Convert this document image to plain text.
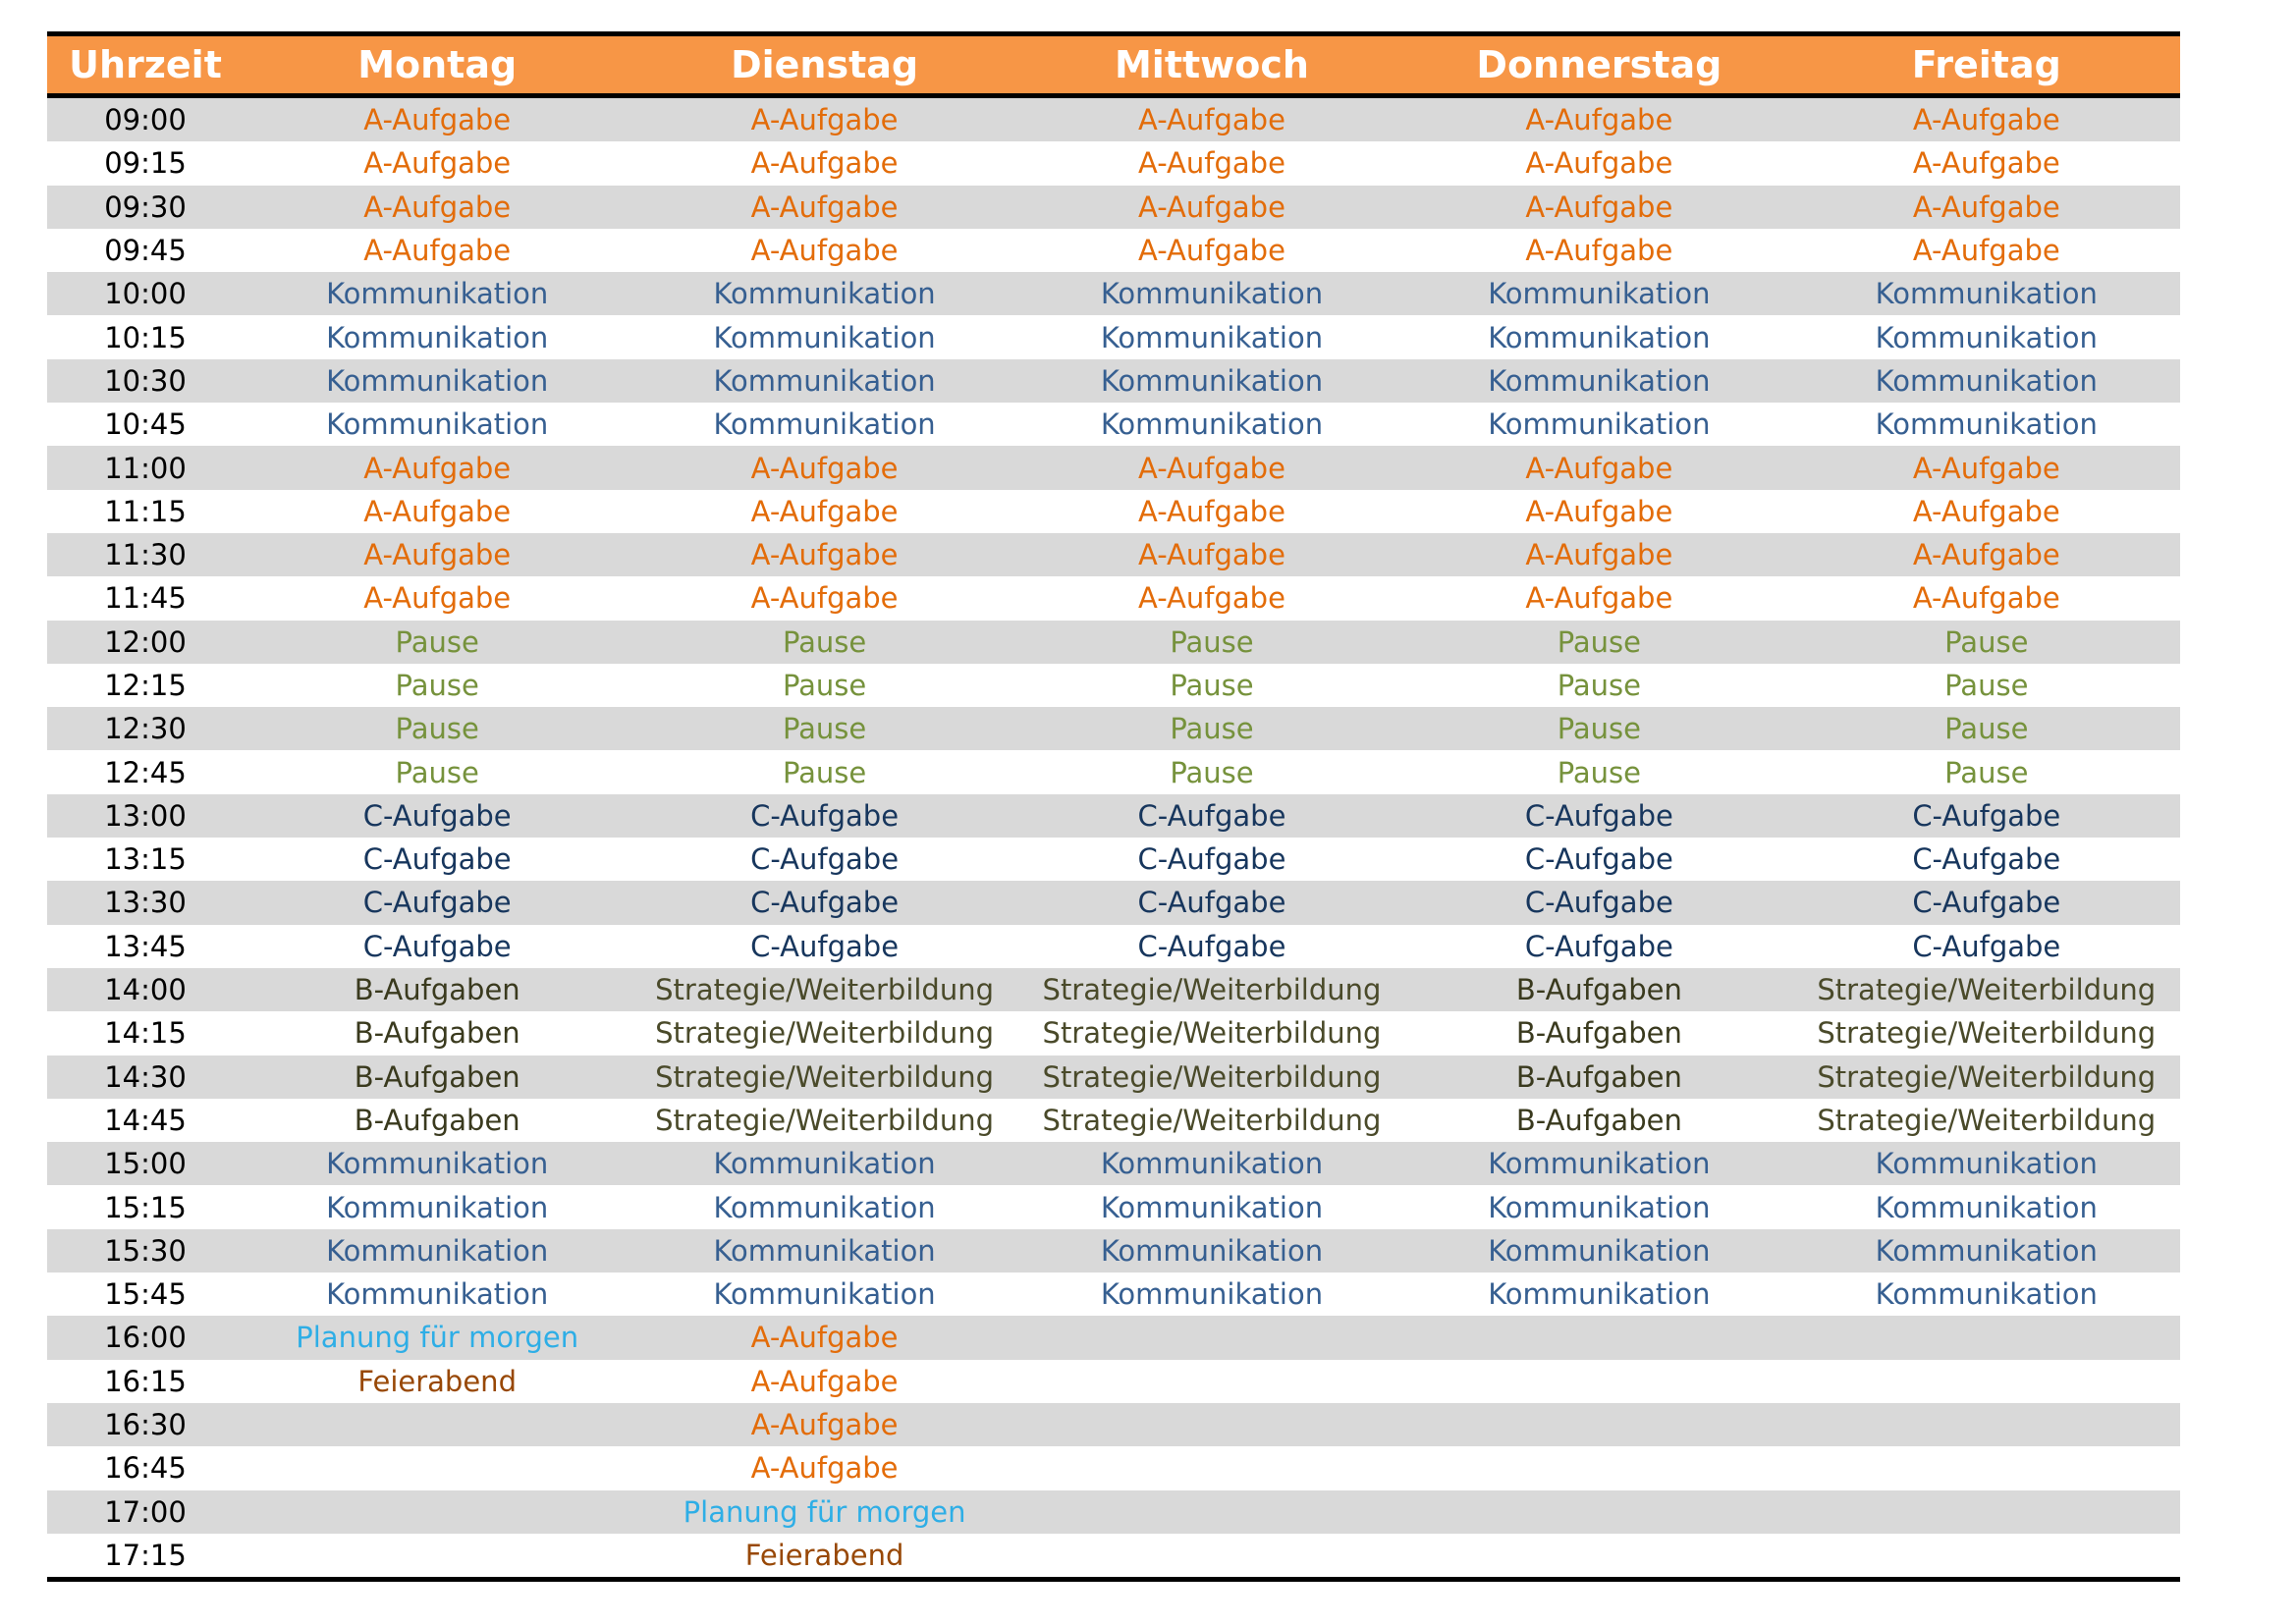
Uhrzeit	Montag	Dienstag	Mittwoch	Donnerstag	Freitag
09:00	A-Aufgabe	A-Aufgabe	A-Aufgabe	A-Aufgabe	A-Aufgabe
09:15	A-Aufgabe	A-Aufgabe	A-Aufgabe	A-Aufgabe	A-Aufgabe
09:30	A-Aufgabe	A-Aufgabe	A-Aufgabe	A-Aufgabe	A-Aufgabe
09:45	A-Aufgabe	A-Aufgabe	A-Aufgabe	A-Aufgabe	A-Aufgabe
10:00	Kommunikation	Kommunikation	Kommunikation	Kommunikation	Kommunikation
10:15	Kommunikation	Kommunikation	Kommunikation	Kommunikation	Kommunikation
10:30	Kommunikation	Kommunikation	Kommunikation	Kommunikation	Kommunikation
10:45	Kommunikation	Kommunikation	Kommunikation	Kommunikation	Kommunikation
11:00	A-Aufgabe	A-Aufgabe	A-Aufgabe	A-Aufgabe	A-Aufgabe
11:15	A-Aufgabe	A-Aufgabe	A-Aufgabe	A-Aufgabe	A-Aufgabe
11:30	A-Aufgabe	A-Aufgabe	A-Aufgabe	A-Aufgabe	A-Aufgabe
11:45	A-Aufgabe	A-Aufgabe	A-Aufgabe	A-Aufgabe	A-Aufgabe
12:00	Pause	Pause	Pause	Pause	Pause
12:15	Pause	Pause	Pause	Pause	Pause
12:30	Pause	Pause	Pause	Pause	Pause
12:45	Pause	Pause	Pause	Pause	Pause
13:00	C-Aufgabe	C-Aufgabe	C-Aufgabe	C-Aufgabe	C-Aufgabe
13:15	C-Aufgabe	C-Aufgabe	C-Aufgabe	C-Aufgabe	C-Aufgabe
13:30	C-Aufgabe	C-Aufgabe	C-Aufgabe	C-Aufgabe	C-Aufgabe
13:45	C-Aufgabe	C-Aufgabe	C-Aufgabe	C-Aufgabe	C-Aufgabe
14:00	B-Aufgaben	Strategie/Weiterbildung	Strategie/Weiterbildung	B-Aufgaben	Strategie/Weiterbildung
14:15	B-Aufgaben	Strategie/Weiterbildung	Strategie/Weiterbildung	B-Aufgaben	Strategie/Weiterbildung
14:30	B-Aufgaben	Strategie/Weiterbildung	Strategie/Weiterbildung	B-Aufgaben	Strategie/Weiterbildung
14:45	B-Aufgaben	Strategie/Weiterbildung	Strategie/Weiterbildung	B-Aufgaben	Strategie/Weiterbildung
15:00	Kommunikation	Kommunikation	Kommunikation	Kommunikation	Kommunikation
15:15	Kommunikation	Kommunikation	Kommunikation	Kommunikation	Kommunikation
15:30	Kommunikation	Kommunikation	Kommunikation	Kommunikation	Kommunikation
15:45	Kommunikation	Kommunikation	Kommunikation	Kommunikation	Kommunikation
16:00	Planung für morgen	A-Aufgabe			
16:15	Feierabend	A-Aufgabe			
16:30		A-Aufgabe			
16:45		A-Aufgabe			
17:00		Planung für morgen			
17:15		Feierabend			
